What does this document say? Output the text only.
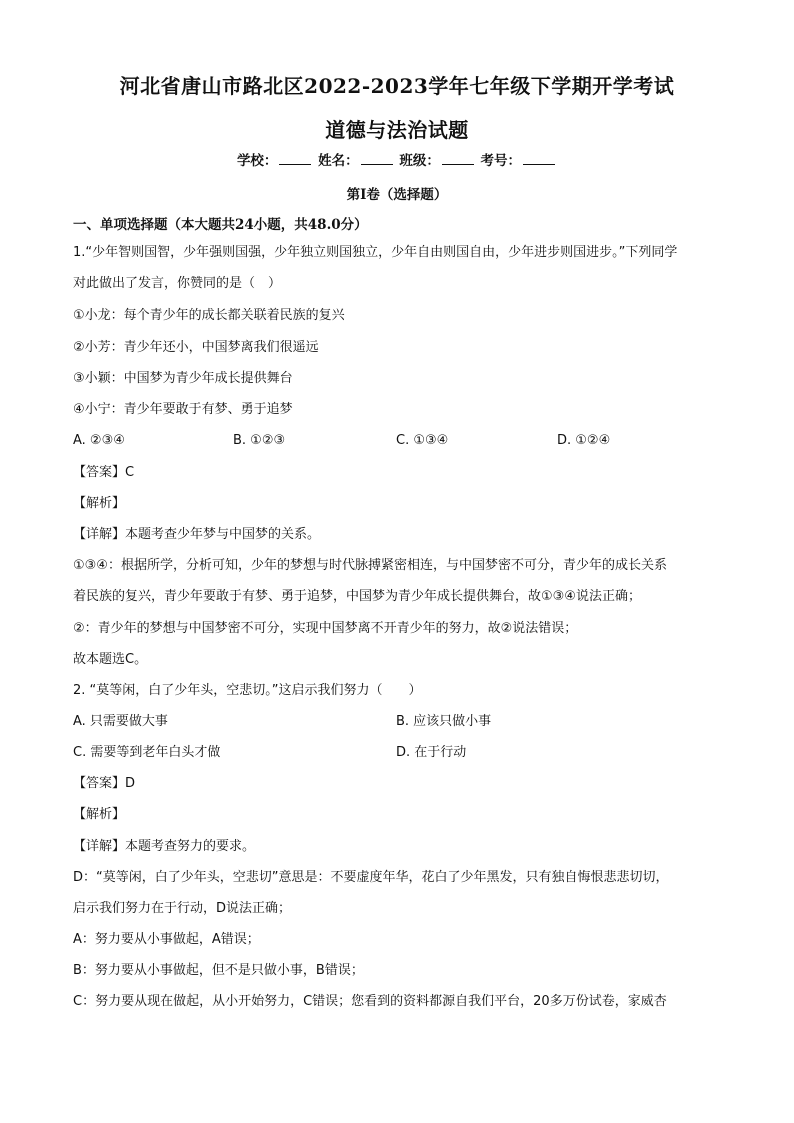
河北省唐山市路北区2022-2023学年七年级下学期开学考试
道德与法治试题
学校：	姓名：	班级：	考号：
第Ⅰ卷（选择题）
一、单项选择题（本大题共24小题，共48.0分）
1.“少年智则国智，少年强则国强，少年独立则国独立，少年自由则国自由，少年进步则国进步。”下列同学
对此做出了发言，你赞同的是（　）
①小龙：每个青少年的成长都关联着民族的复兴
②小芳：青少年还小，中国梦离我们很遥远
③小颖：中国梦为青少年成长提供舞台
④小宁：青少年要敢于有梦、勇于追梦
A. ②③④	B. ①②③	C. ①③④	D. ①②④
【答案】C
【解析】
【详解】本题考查少年梦与中国梦的关系。
①③④：根据所学，分析可知，少年的梦想与时代脉搏紧密相连，与中国梦密不可分，青少年的成长关系
着民族的复兴，青少年要敢于有梦、勇于追梦，中国梦为青少年成长提供舞台，故①③④说法正确；
②：青少年的梦想与中国梦密不可分，实现中国梦离不开青少年的努力，故②说法错误；
故本题选C。
2. “莫等闲，白了少年头，空悲切。”这启示我们努力（　　）
A. 只需要做大事	B. 应该只做小事
C. 需要等到老年白头才做	D. 在于行动
【答案】D
【解析】
【详解】本题考查努力的要求。
D：“莫等闲，白了少年头，空悲切”意思是：不要虚度年华，花白了少年黑发，只有独自悔恨悲悲切切，
启示我们努力在于行动，D说法正确；
A：努力要从小事做起，A错误；
B：努力要从小事做起，但不是只做小事，B错误；
C：努力要从现在做起，从小开始努力，C错误；您看到的资料都源自我们平台，20多万份试卷，家威杏
